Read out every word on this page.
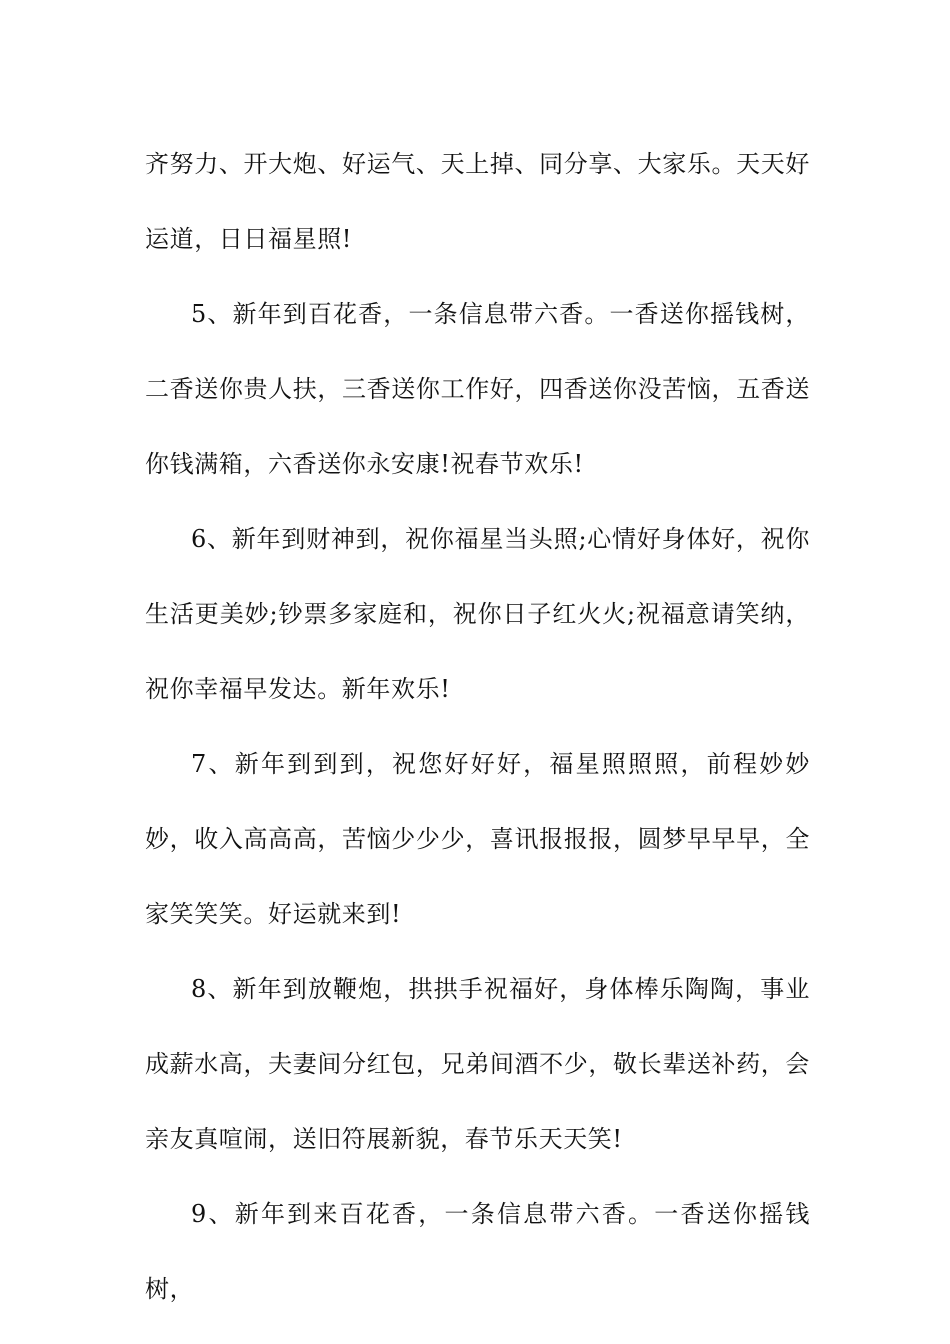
齐努力、开大炮、好运气、天上掉、同分享、大家乐。天天好运道，日日福星照!

5、新年到百花香，一条信息带六香。一香送你摇钱树，二香送你贵人扶，三香送你工作好，四香送你没苦恼，五香送你钱满箱，六香送你永安康!祝春节欢乐!

6、新年到财神到，祝你福星当头照;心情好身体好，祝你生活更美妙;钞票多家庭和，祝你日子红火火;祝福意请笑纳，祝你幸福早发达。新年欢乐!

7、新年到到到，祝您好好好，福星照照照，前程妙妙妙，收入高高高，苦恼少少少，喜讯报报报，圆梦早早早，全家笑笑笑。好运就来到!

8、新年到放鞭炮，拱拱手祝福好，身体棒乐陶陶，事业成薪水高，夫妻间分红包，兄弟间酒不少，敬长辈送补药，会亲友真喧闹，送旧符展新貌，春节乐天天笑!

9、新年到来百花香，一条信息带六香。一香送你摇钱树，
